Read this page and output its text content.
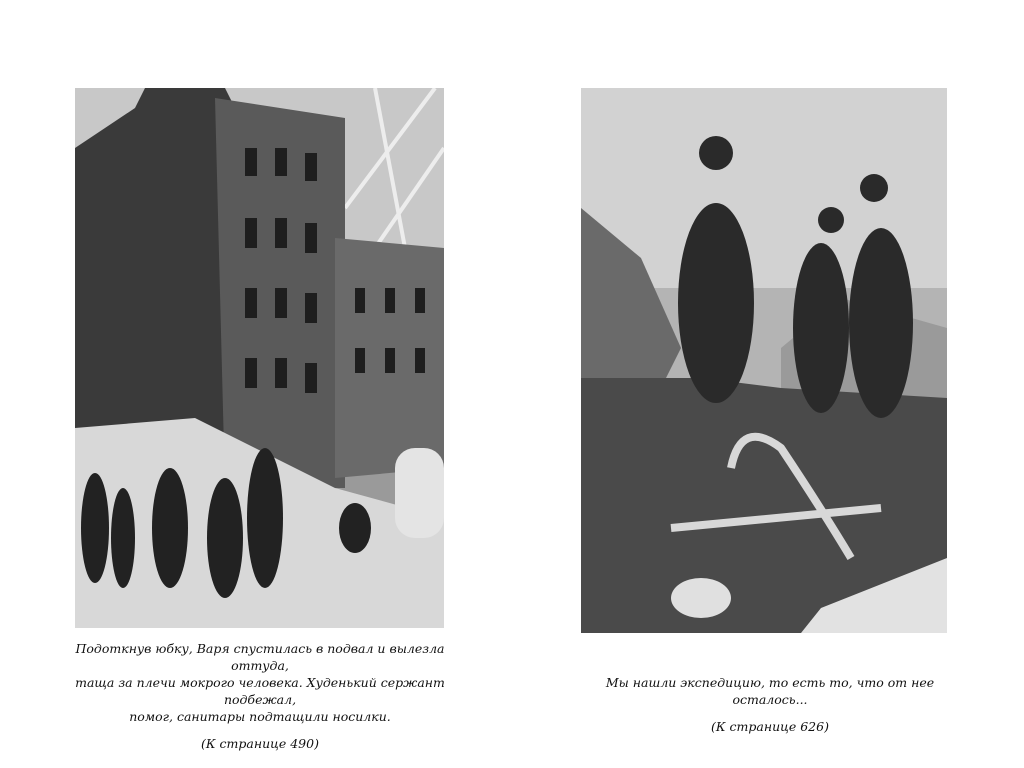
Подоткнув юбку, Варя спустилась в подвал и вылезла оттуда,
таща за плечи мокрого человека. Худенький сержант подбежал,
помог, санитары подтащили носилки.
(К странице 490)
Мы нашли экспедицию, то есть то, что от нее осталось...
(К странице 626)
